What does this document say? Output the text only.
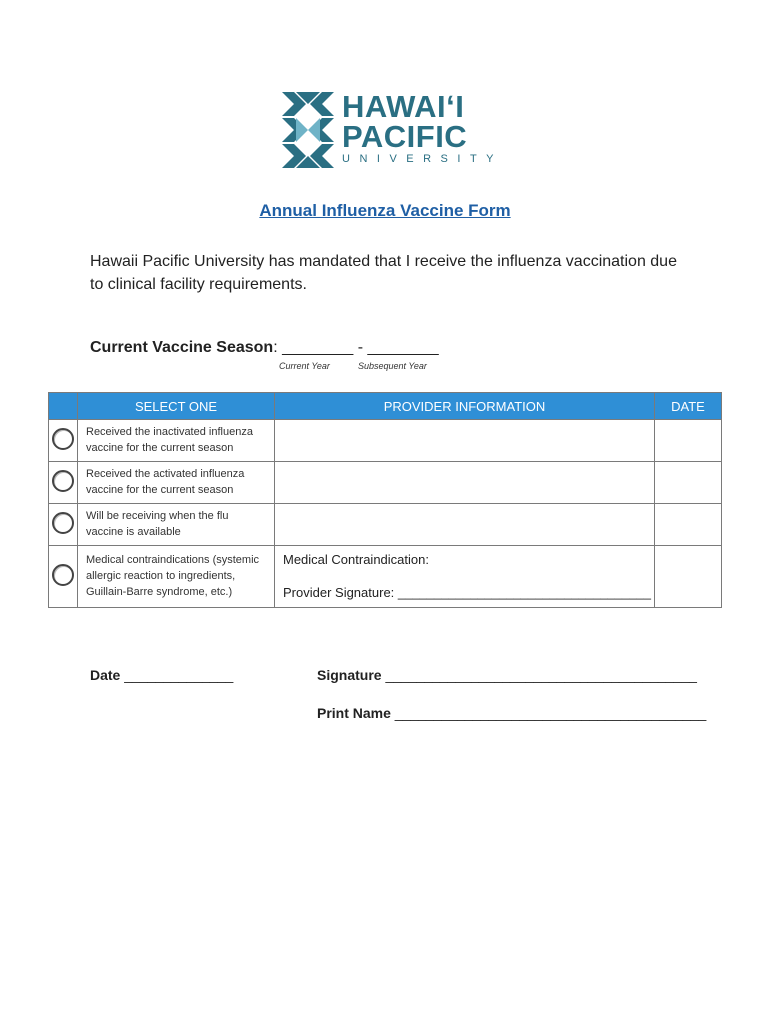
HAWAIʻI
PACIFIC
UNIVERSITY
Annual Influenza Vaccine Form
Hawaii Pacific University has mandated that I receive the influenza vaccination due to clinical facility requirements.
Current Vaccine Season: ________ - ________
Current Year	Subsequent Year
	SELECT ONE	PROVIDER INFORMATION	DATE

	Received the inactivated influenza vaccine for the current season		

	Received the activated influenza vaccine for the current season		

	Will be receiving when the flu vaccine is available		

	Medical contraindications (systemic allergic reaction to ingredients, Guillain-Barre syndrome, etc.)	Medical Contraindication:
Provider Signature: ___________________________________	

Date ______________	Signature ________________________________________
Print Name ________________________________________
